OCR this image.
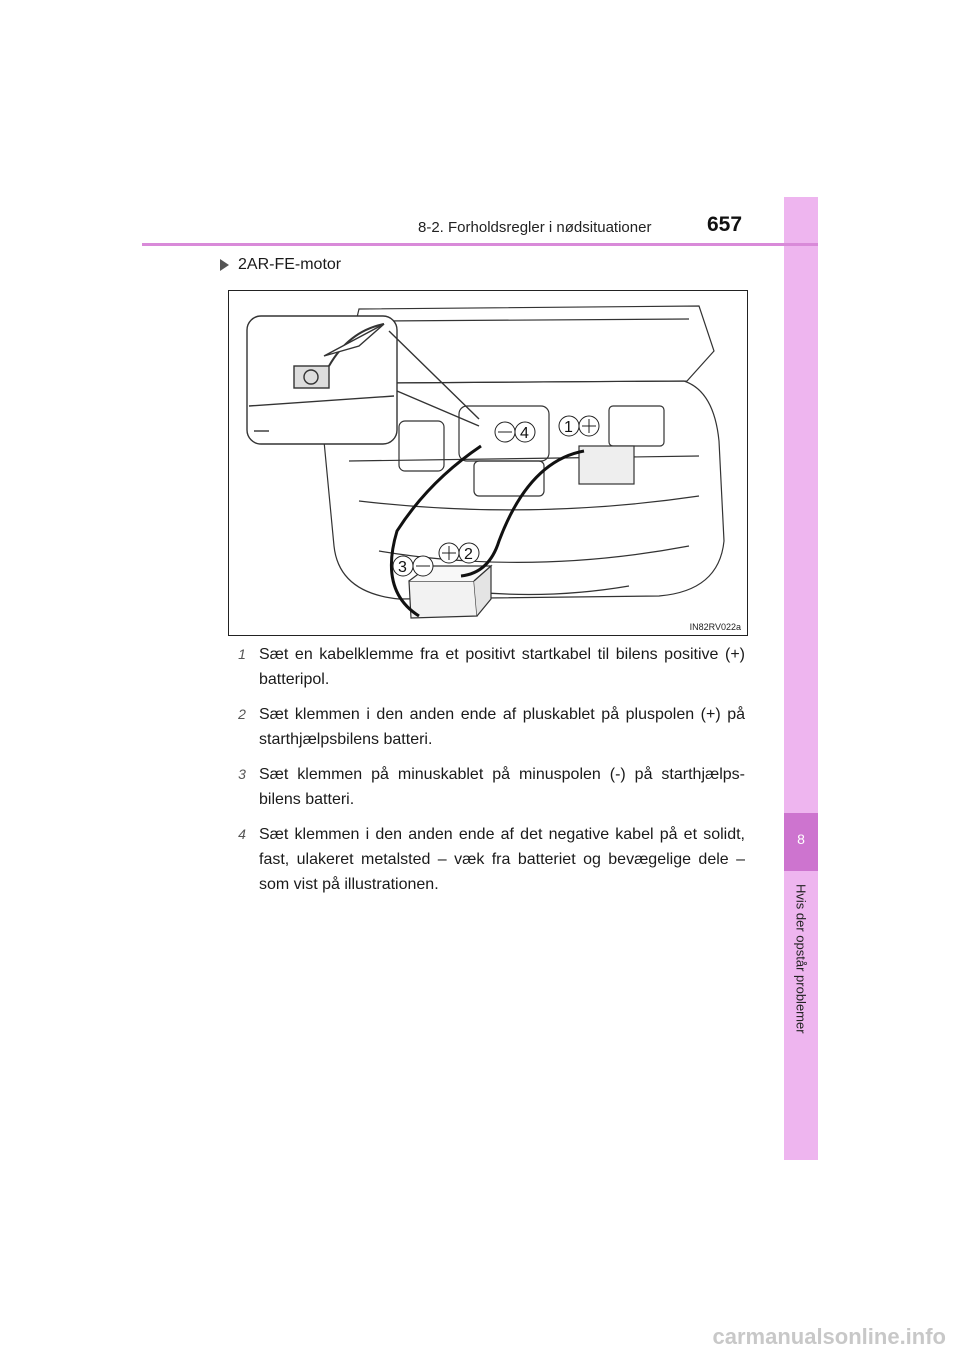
8
Hvis der opstår problemer
8-2. Forholdsregler i nødsituationer	657
2AR-FE-motor
1
4
2
3
IN82RV022a
1 Sæt en kabelklemme fra et positivt startkabel til bilens positive (+) batteripol.
2 Sæt klemmen i den anden ende af pluskablet på pluspolen (+) på starthjælpsbilens batteri.
3 Sæt klemmen på minuskablet på minuspolen (-) på starthjælps-bilens batteri.
4 Sæt klemmen i den anden ende af det negative kabel på et solidt, fast, ulakeret metalsted – væk fra batteriet og bevægelige dele – som vist på illustrationen.
carmanualsonline.info
